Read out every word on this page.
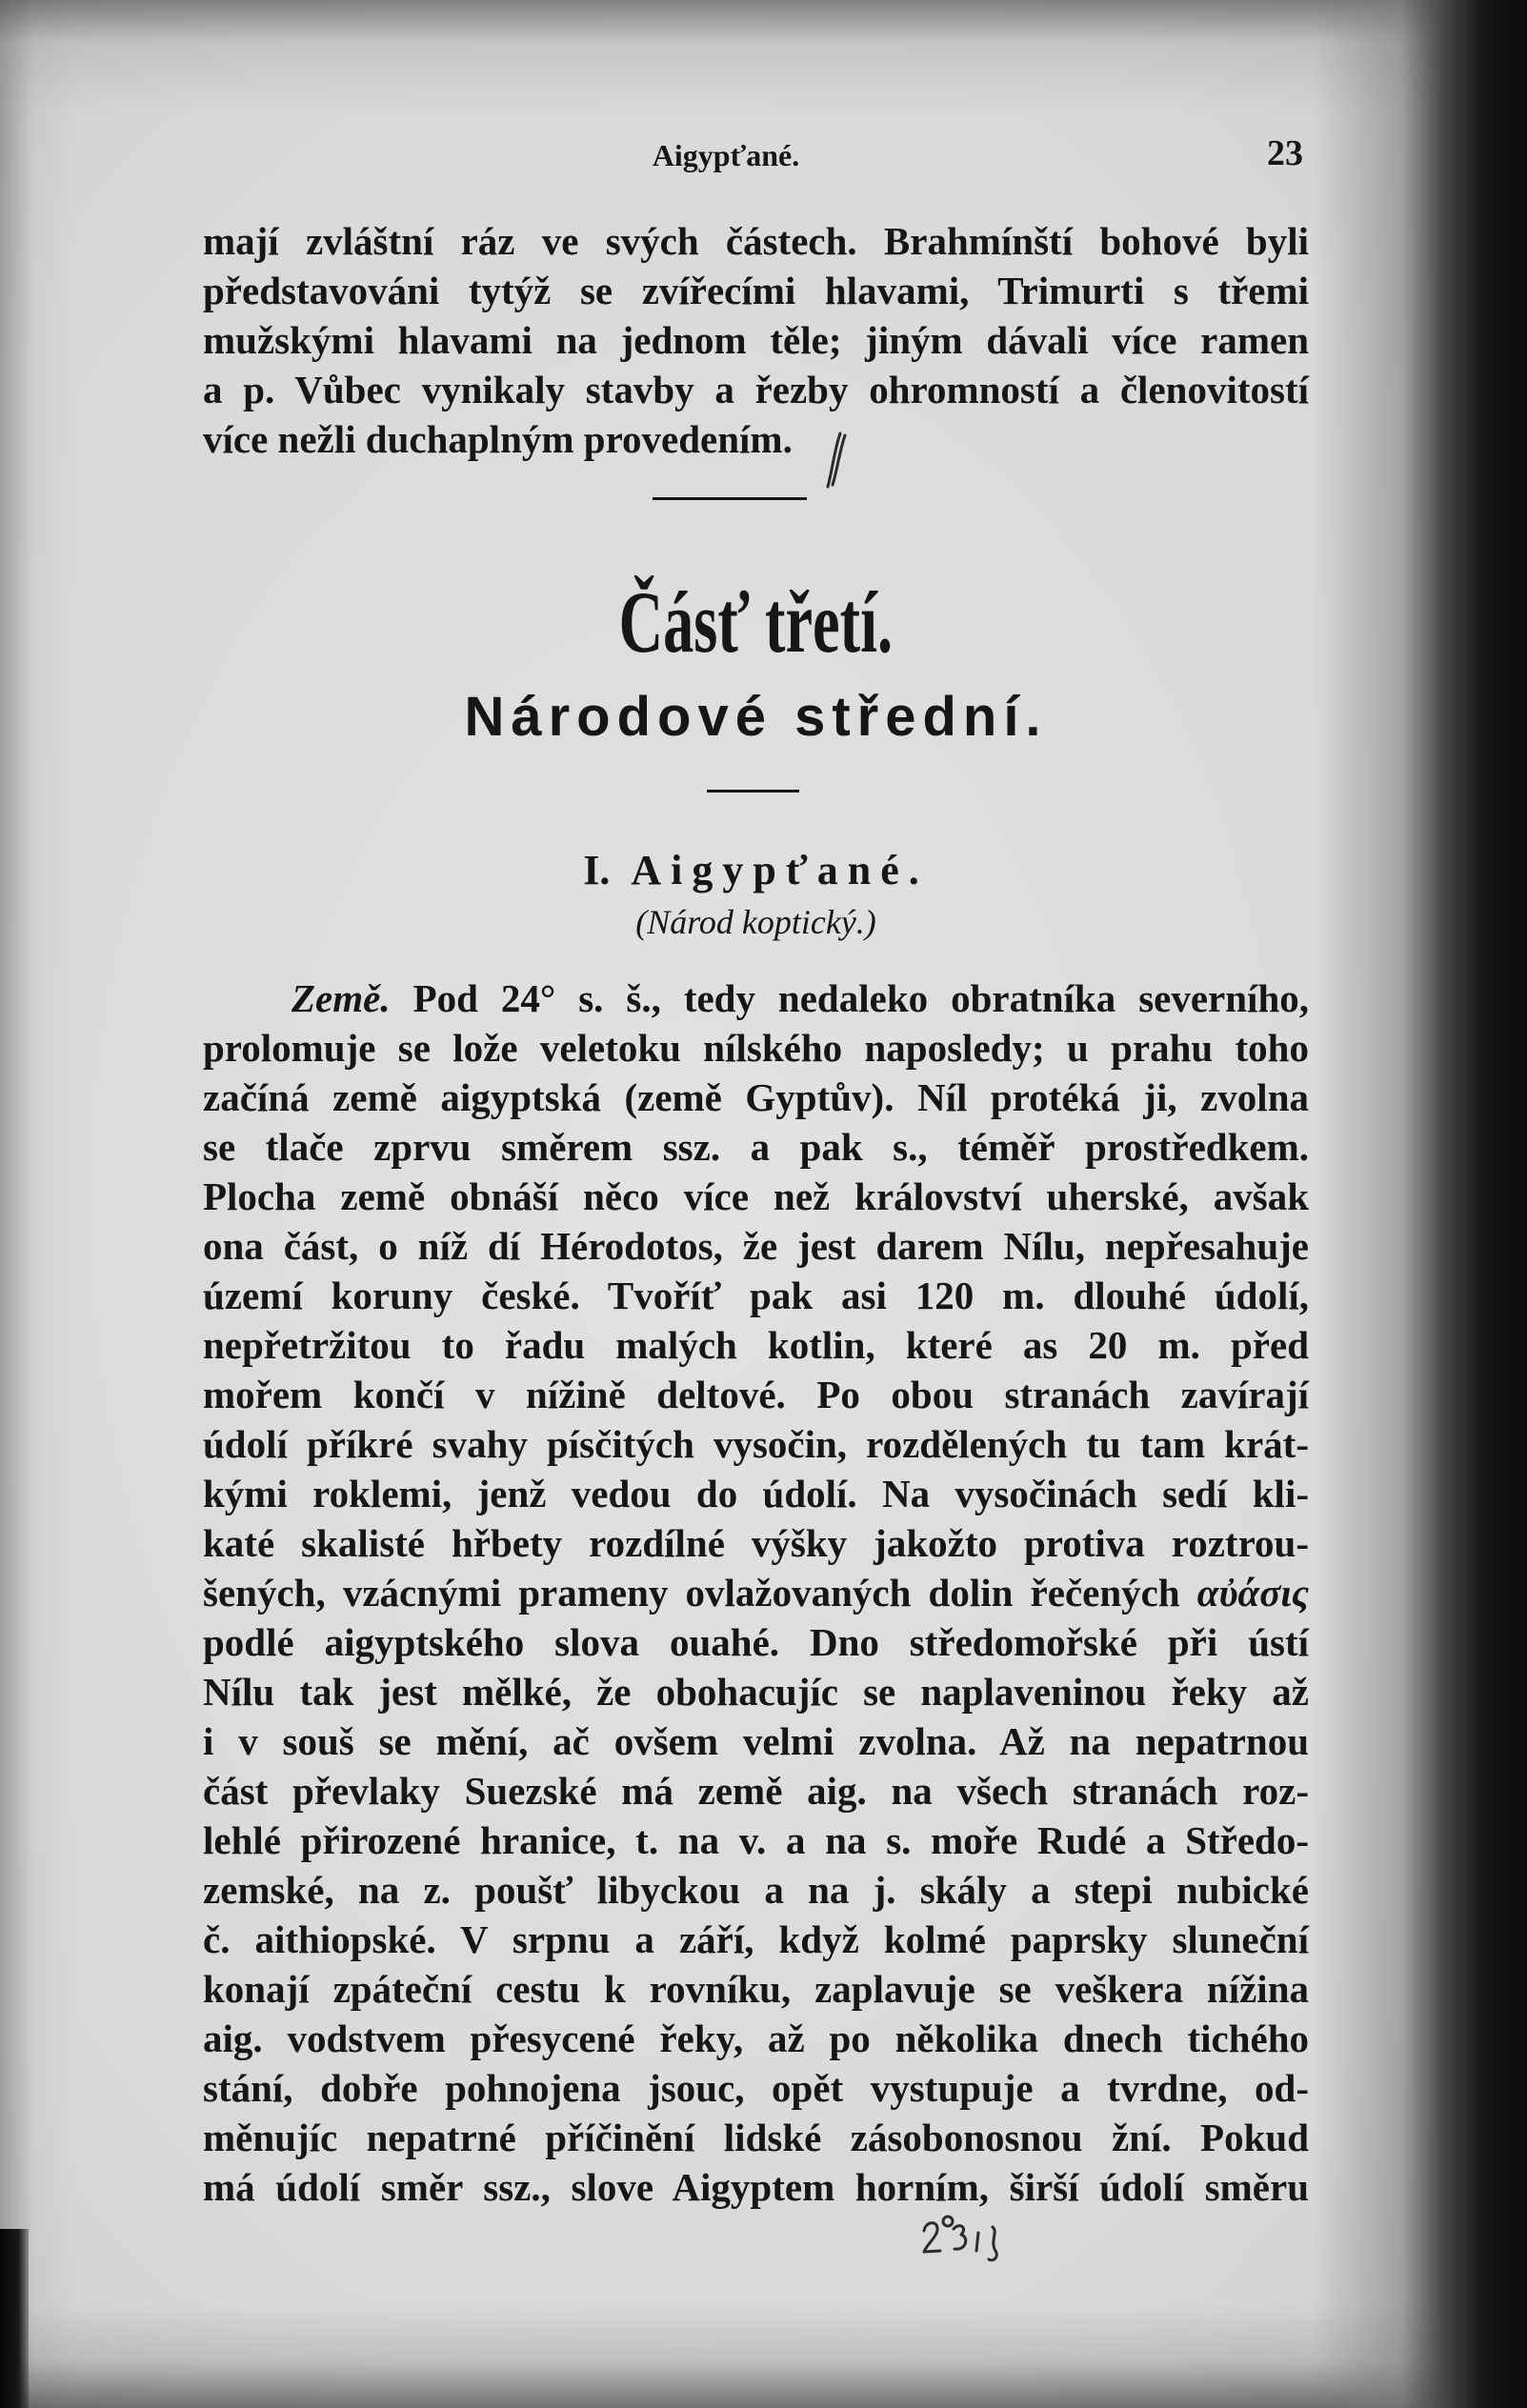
Aigypťané.	23
mají zvláštní ráz ve svých částech. Brahmínští bohové byli
představováni tytýž se zvířecími hlavami, Trimurti s třemi
mužskými hlavami na jednom těle; jiným dávali více ramen
a p. Vůbec vynikaly stavby a řezby ohromností a členovitostí
více nežli duchaplným provedením.
Čásť třetí.
Národové střední.
I. Aigypťané.
(Národ koptický.)
Země. Pod 24° s. š., tedy nedaleko obratníka severního,
prolomuje se lože veletoku nílského naposledy; u prahu toho
začíná země aigyptská (země Gyptův). Níl protéká ji, zvolna
se tlače zprvu směrem ssz. a pak s., téměř prostředkem.
Plocha země obnáší něco více než království uherské, avšak
ona část, o níž dí Hérodotos, že jest darem Nílu, nepřesahuje
území koruny české. Tvoříť pak asi 120 m. dlouhé údolí,
nepřetržitou to řadu malých kotlin, které as 20 m. před
mořem končí v nížině deltové. Po obou stranách zavírají
údolí příkré svahy písčitých vysočin, rozdělených tu tam krát-
kými roklemi, jenž vedou do údolí. Na vysočinách sedí kli-
katé skalisté hřbety rozdílné výšky jakožto protiva roztrou-
šených, vzácnými prameny ovlažovaných dolin řečených αὐάσις
podlé aigyptského slova ouahé. Dno středomořské při ústí
Nílu tak jest mělké, že obohacujíc se naplaveninou řeky až
i v souš se mění, ač ovšem velmi zvolna. Až na nepatrnou
část převlaky Suezské má země aig. na všech stranách roz-
lehlé přirozené hranice, t. na v. a na s. moře Rudé a Středo-
zemské, na z. poušť libyckou a na j. skály a stepi nubické
č. aithiopské. V srpnu a září, když kolmé paprsky sluneční
konají zpáteční cestu k rovníku, zaplavuje se veškera nížina
aig. vodstvem přesycené řeky, až po několika dnech tichého
stání, dobře pohnojena jsouc, opět vystupuje a tvrdne, od-
měnujíc nepatrné příčinění lidské zásobonosnou žní. Pokud
má údolí směr ssz., slove Aigyptem horním, širší údolí směru
